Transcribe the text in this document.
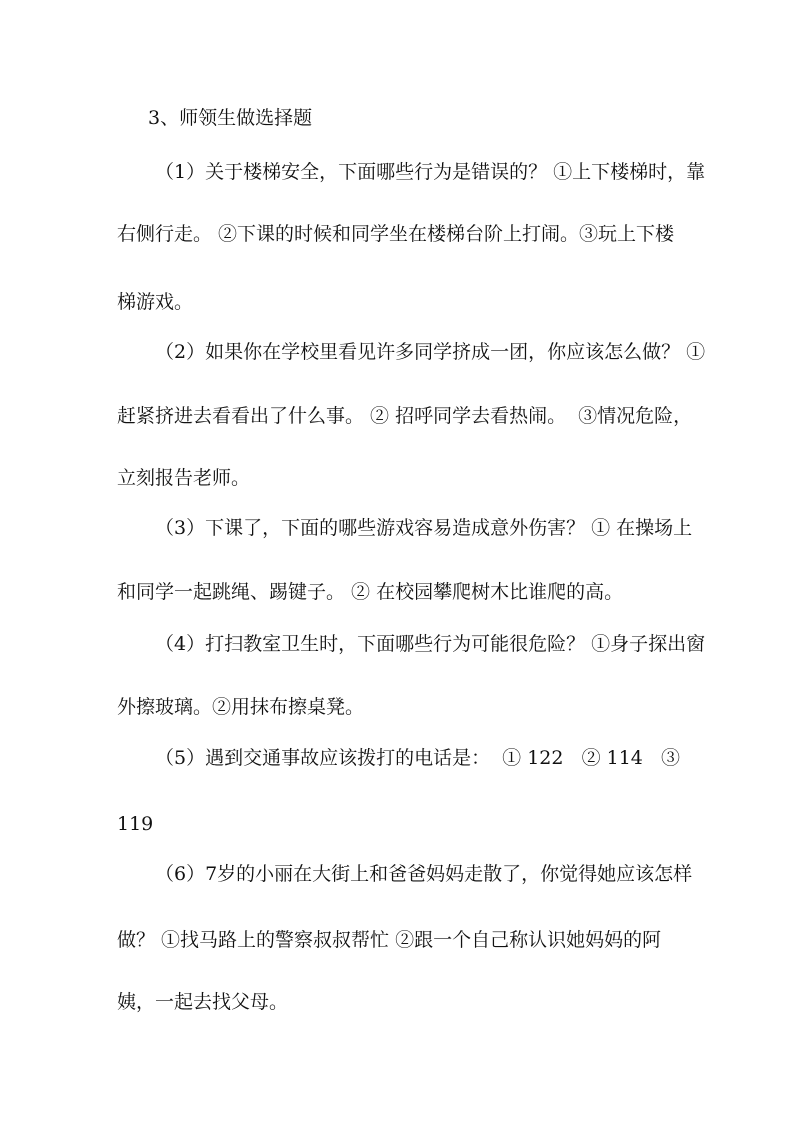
3、师领生做选择题
（1）关于楼梯安全，下面哪些行为是错误的？ ①上下楼梯时，靠
右侧行走。 ②下课的时候和同学坐在楼梯台阶上打闹。③玩上下楼
梯游戏。
（2）如果你在学校里看见许多同学挤成一团，你应该怎么做？ ①
赶紧挤进去看看出了什么事。 ② 招呼同学去看热闹。  ③情况危险，
立刻报告老师。
（3）下课了，下面的哪些游戏容易造成意外伤害？ ① 在操场上
和同学一起跳绳、踢键子。 ② 在校园攀爬树木比谁爬的高。
（4）打扫教室卫生时，下面哪些行为可能很危险？ ①身子探出窗
外擦玻璃。②用抹布擦桌凳。
（5）遇到交通事故应该拨打的电话是：  ① 122   ② 114   ③
119
（6）7岁的小丽在大街上和爸爸妈妈走散了，你觉得她应该怎样
做？ ①找马路上的警察叔叔帮忙 ②跟一个自己称认识她妈妈的阿
姨，一起去找父母。
